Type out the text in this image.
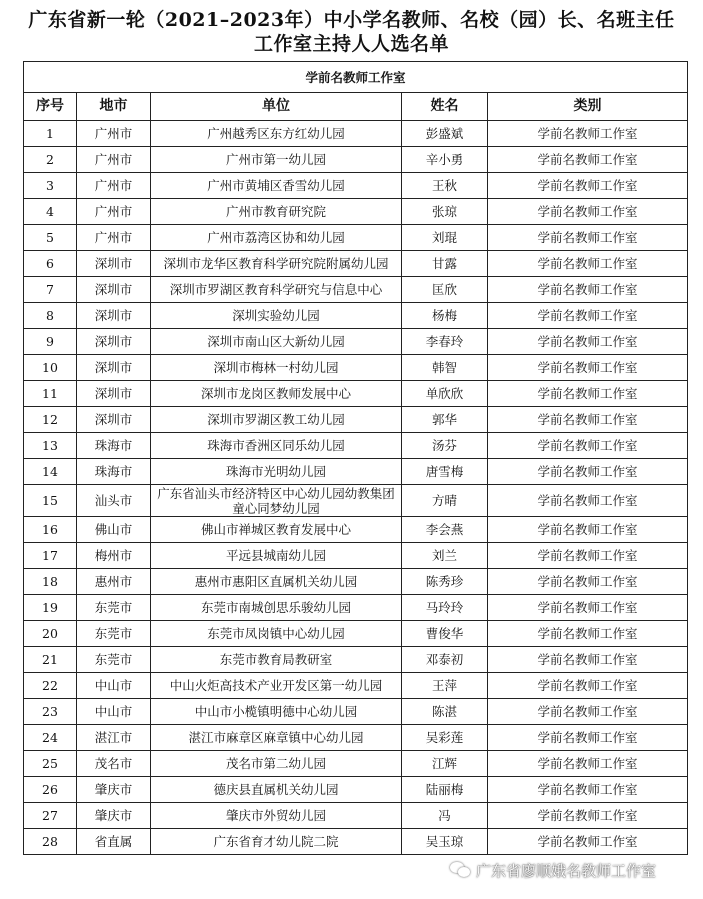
广东省新一轮（2021–2023年）中小学名教师、名校（园）长、名班主任
工作室主持人人选名单
学前名教师工作室				
序号	地市	单位	姓名	类别
1	广州市	广州越秀区东方红幼儿园	彭盛斌	学前名教师工作室
2	广州市	广州市第一幼儿园	辛小勇	学前名教师工作室
3	广州市	广州市黄埔区香雪幼儿园	王秋	学前名教师工作室
4	广州市	广州市教育研究院	张琼	学前名教师工作室
5	广州市	广州市荔湾区协和幼儿园	刘琨	学前名教师工作室
6	深圳市	深圳市龙华区教育科学研究院附属幼儿园	甘露	学前名教师工作室
7	深圳市	深圳市罗湖区教育科学研究与信息中心	匡欣	学前名教师工作室
8	深圳市	深圳实验幼儿园	杨梅	学前名教师工作室
9	深圳市	深圳市南山区大新幼儿园	李春玲	学前名教师工作室
10	深圳市	深圳市梅林一村幼儿园	韩智	学前名教师工作室
11	深圳市	深圳市龙岗区教师发展中心	单欣欣	学前名教师工作室
12	深圳市	深圳市罗湖区教工幼儿园	郭华	学前名教师工作室
13	珠海市	珠海市香洲区同乐幼儿园	汤芬	学前名教师工作室
14	珠海市	珠海市光明幼儿园	唐雪梅	学前名教师工作室
15	汕头市	广东省汕头市经济特区中心幼儿园幼教集团童心同梦幼儿园	方晴	学前名教师工作室
16	佛山市	佛山市禅城区教育发展中心	李会燕	学前名教师工作室
17	梅州市	平远县城南幼儿园	刘兰	学前名教师工作室
18	惠州市	惠州市惠阳区直属机关幼儿园	陈秀珍	学前名教师工作室
19	东莞市	东莞市南城创思乐骏幼儿园	马玲玲	学前名教师工作室
20	东莞市	东莞市凤岗镇中心幼儿园	曹俊华	学前名教师工作室
21	东莞市	东莞市教育局教研室	邓泰初	学前名教师工作室
22	中山市	中山火炬高技术产业开发区第一幼儿园	王萍	学前名教师工作室
23	中山市	中山市小榄镇明德中心幼儿园	陈湛	学前名教师工作室
24	湛江市	湛江市麻章区麻章镇中心幼儿园	吴彩莲	学前名教师工作室
25	茂名市	茂名市第二幼儿园	江辉	学前名教师工作室
26	肇庆市	德庆县直属机关幼儿园	陆丽梅	学前名教师工作室
27	肇庆市	肇庆市外贸幼儿园	冯	学前名教师工作室
28	省直属	广东省育才幼儿院二院	吴玉琼	学前名教师工作室
广东省廖顺娥名教师工作室
